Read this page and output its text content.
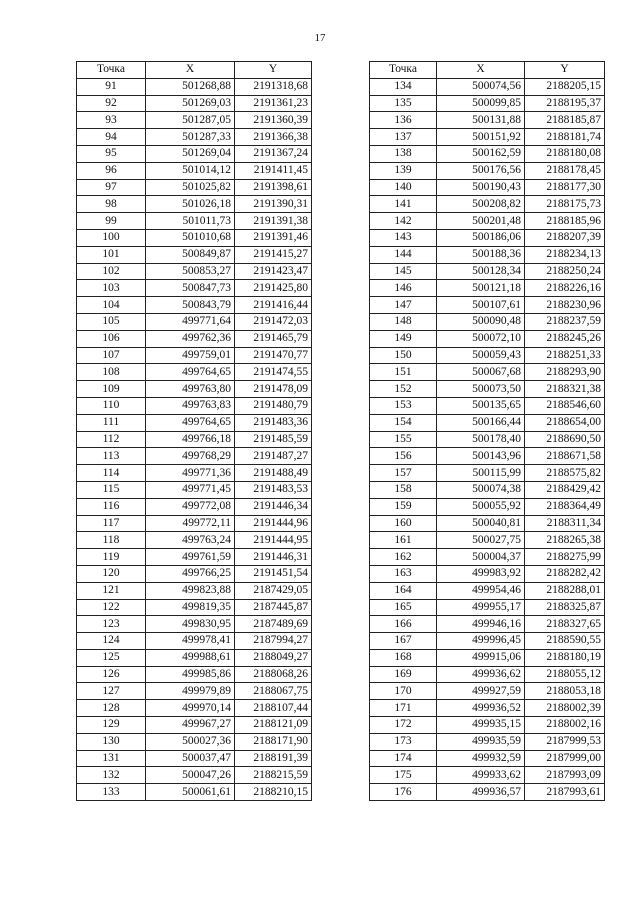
17
Точка	X	Y
91	501268,88	2191318,68
92	501269,03	2191361,23
93	501287,05	2191360,39
94	501287,33	2191366,38
95	501269,04	2191367,24
96	501014,12	2191411,45
97	501025,82	2191398,61
98	501026,18	2191390,31
99	501011,73	2191391,38
100	501010,68	2191391,46
101	500849,87	2191415,27
102	500853,27	2191423,47
103	500847,73	2191425,80
104	500843,79	2191416,44
105	499771,64	2191472,03
106	499762,36	2191465,79
107	499759,01	2191470,77
108	499764,65	2191474,55
109	499763,80	2191478,09
110	499763,83	2191480,79
111	499764,65	2191483,36
112	499766,18	2191485,59
113	499768,29	2191487,27
114	499771,36	2191488,49
115	499771,45	2191483,53
116	499772,08	2191446,34
117	499772,11	2191444,96
118	499763,24	2191444,95
119	499761,59	2191446,31
120	499766,25	2191451,54
121	499823,88	2187429,05
122	499819,35	2187445,87
123	499830,95	2187489,69
124	499978,41	2187994,27
125	499988,61	2188049,27
126	499985,86	2188068,26
127	499979,89	2188067,75
128	499970,14	2188107,44
129	499967,27	2188121,09
130	500027,36	2188171,90
131	500037,47	2188191,39
132	500047,26	2188215,59
133	500061,61	2188210,15
Точка	X	Y
134	500074,56	2188205,15
135	500099,85	2188195,37
136	500131,88	2188185,87
137	500151,92	2188181,74
138	500162,59	2188180,08
139	500176,56	2188178,45
140	500190,43	2188177,30
141	500208,82	2188175,73
142	500201,48	2188185,96
143	500186,06	2188207,39
144	500188,36	2188234,13
145	500128,34	2188250,24
146	500121,18	2188226,16
147	500107,61	2188230,96
148	500090,48	2188237,59
149	500072,10	2188245,26
150	500059,43	2188251,33
151	500067,68	2188293,90
152	500073,50	2188321,38
153	500135,65	2188546,60
154	500166,44	2188654,00
155	500178,40	2188690,50
156	500143,96	2188671,58
157	500115,99	2188575,82
158	500074,38	2188429,42
159	500055,92	2188364,49
160	500040,81	2188311,34
161	500027,75	2188265,38
162	500004,37	2188275,99
163	499983,92	2188282,42
164	499954,46	2188288,01
165	499955,17	2188325,87
166	499946,16	2188327,65
167	499996,45	2188590,55
168	499915,06	2188180,19
169	499936,62	2188055,12
170	499927,59	2188053,18
171	499936,52	2188002,39
172	499935,15	2188002,16
173	499935,59	2187999,53
174	499932,59	2187999,00
175	499933,62	2187993,09
176	499936,57	2187993,61
